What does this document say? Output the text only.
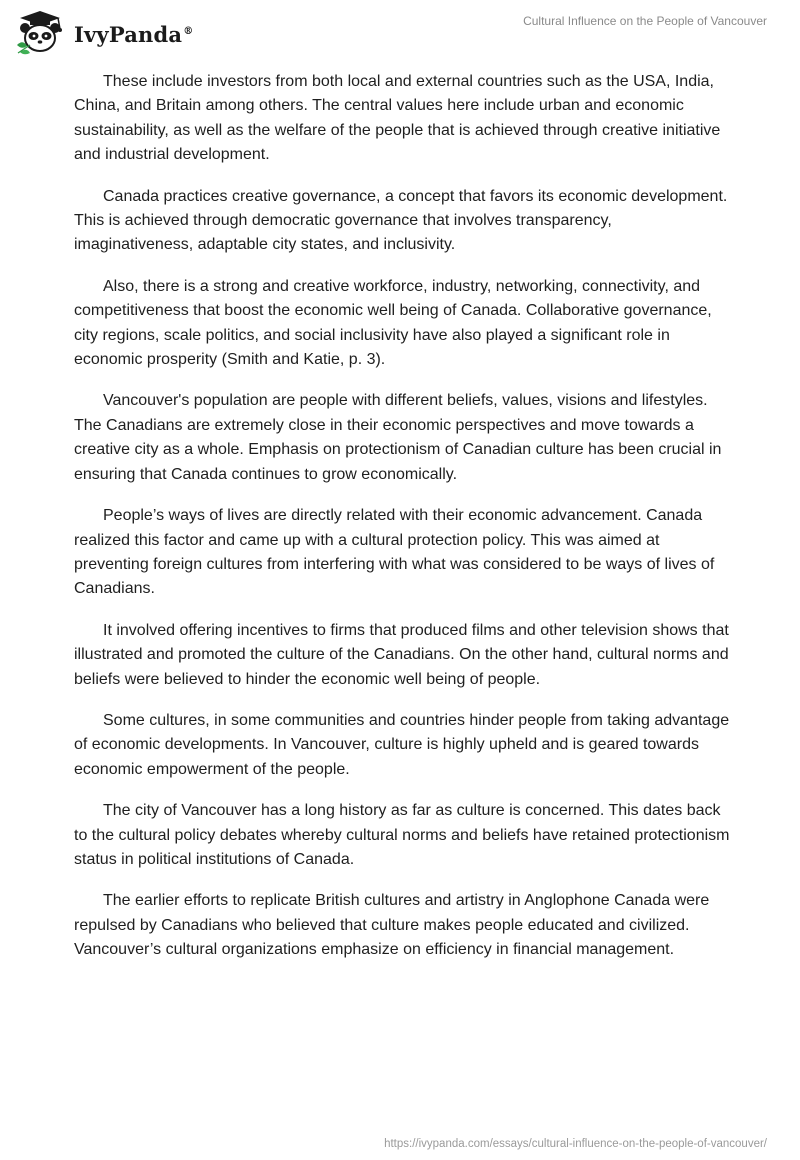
IvyPanda®
Cultural Influence on the People of Vancouver

These include investors from both local and external countries such as the USA, India, China, and Britain among others. The central values here include urban and economic sustainability, as well as the welfare of the people that is achieved through creative initiative and industrial development.

Canada practices creative governance, a concept that favors its economic development. This is achieved through democratic governance that involves transparency, imaginativeness, adaptable city states, and inclusivity.

Also, there is a strong and creative workforce, industry, networking, connectivity, and competitiveness that boost the economic well being of Canada. Collaborative governance, city regions, scale politics, and social inclusivity have also played a significant role in economic prosperity (Smith and Katie, p. 3).

Vancouver's population are people with different beliefs, values, visions and lifestyles. The Canadians are extremely close in their economic perspectives and move towards a creative city as a whole. Emphasis on protectionism of Canadian culture has been crucial in ensuring that Canada continues to grow economically.

People’s ways of lives are directly related with their economic advancement. Canada realized this factor and came up with a cultural protection policy. This was aimed at preventing foreign cultures from interfering with what was considered to be ways of lives of Canadians.

It involved offering incentives to firms that produced films and other television shows that illustrated and promoted the culture of the Canadians. On the other hand, cultural norms and beliefs were believed to hinder the economic well being of people.

Some cultures, in some communities and countries hinder people from taking advantage of economic developments. In Vancouver, culture is highly upheld and is geared towards economic empowerment of the people.

The city of Vancouver has a long history as far as culture is concerned. This dates back to the cultural policy debates whereby cultural norms and beliefs have retained protectionism status in political institutions of Canada.

The earlier efforts to replicate British cultures and artistry in Anglophone Canada were repulsed by Canadians who believed that culture makes people educated and civilized. Vancouver’s cultural organizations emphasize on efficiency in financial management.

https://ivypanda.com/essays/cultural-influence-on-the-people-of-vancouver/
